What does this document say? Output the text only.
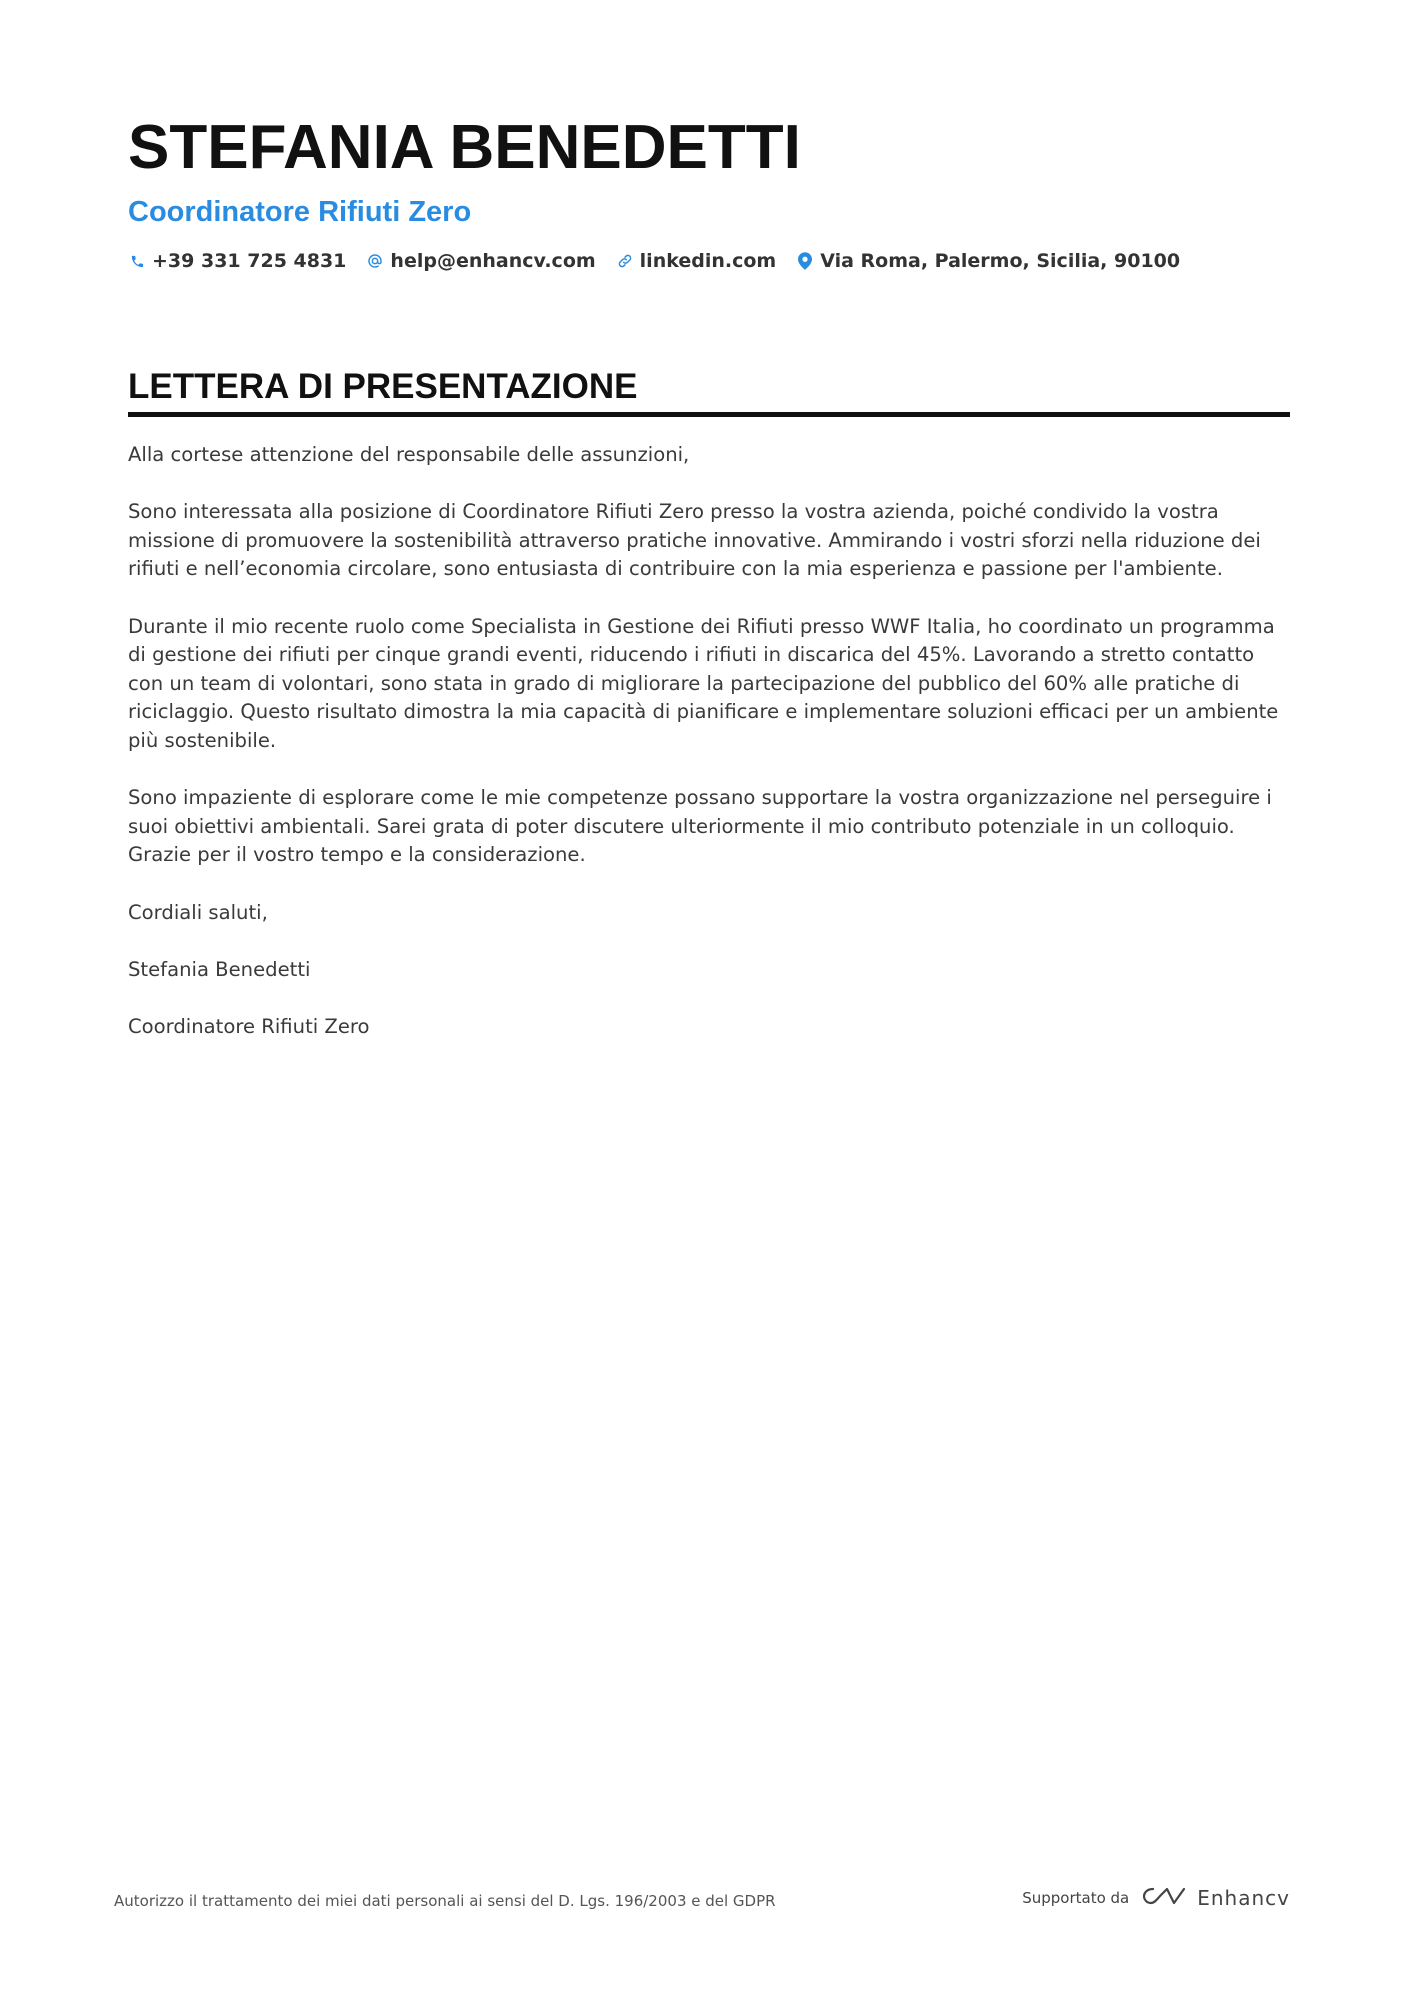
STEFANIA BENEDETTI
Coordinatore Rifiuti Zero
+39 331 725 4831 help@enhancv.com linkedin.com Via Roma, Palermo, Sicilia, 90100
LETTERA DI PRESENTAZIONE

Alla cortese attenzione del responsabile delle assunzioni,

Sono interessata alla posizione di Coordinatore Rifiuti Zero presso la vostra azienda, poiché condivido la vostra missione di promuovere la sostenibilità attraverso pratiche innovative. Ammirando i vostri sforzi nella riduzione dei rifiuti e nell’economia circolare, sono entusiasta di contribuire con la mia esperienza e passione per l'ambiente.

Durante il mio recente ruolo come Specialista in Gestione dei Rifiuti presso WWF Italia, ho coordinato un programma di gestione dei rifiuti per cinque grandi eventi, riducendo i rifiuti in discarica del 45%. Lavorando a stretto contatto con un team di volontari, sono stata in grado di migliorare la partecipazione del pubblico del 60% alle pratiche di riciclaggio. Questo risultato dimostra la mia capacità di pianificare e implementare soluzioni efficaci per un ambiente più sostenibile.

Sono impaziente di esplorare come le mie competenze possano supportare la vostra organizzazione nel perseguire i suoi obiettivi ambientali. Sarei grata di poter discutere ulteriormente il mio contributo potenziale in un colloquio. Grazie per il vostro tempo e la considerazione.

Cordiali saluti,

Stefania Benedetti

Coordinatore Rifiuti Zero

Autorizzo il trattamento dei miei dati personali ai sensi del D. Lgs. 196/2003 e del GDPR	Supportato da	Enhancv
